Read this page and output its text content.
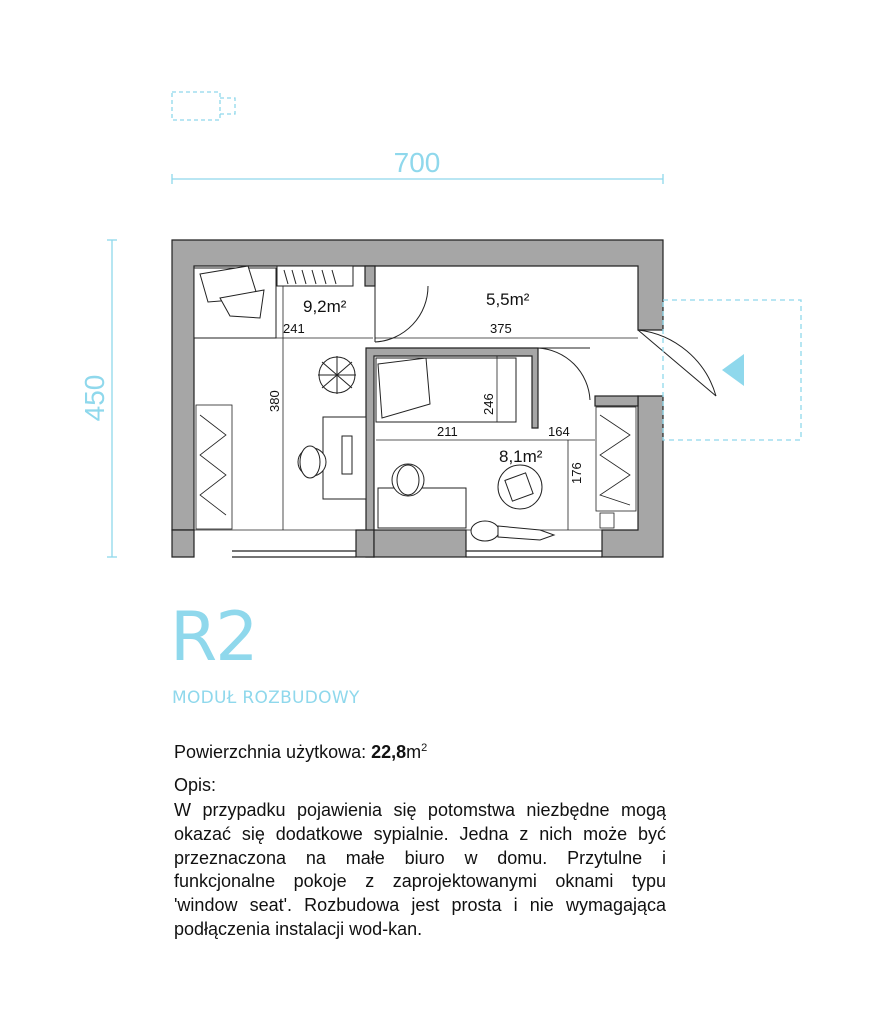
700
450
9,2m²	5,5m²
8,1m²
241	375
380	246
211	164
176
R2
MODUŁ ROZBUDOWY
Powierzchnia użytkowa: $22,8m^2$
Opis:
W przypadku pojawienia się potomstwa niezbędne mogą okazać się dodatkowe sypialnie. Jedna z nich może być przeznaczona na małe biuro w domu. Przytulne i funkcjonalne pokoje z zaprojektowanymi oknami typu 'window seat'. Rozbudowa jest prosta i nie wymagająca podłączenia instalacji wod-kan.
